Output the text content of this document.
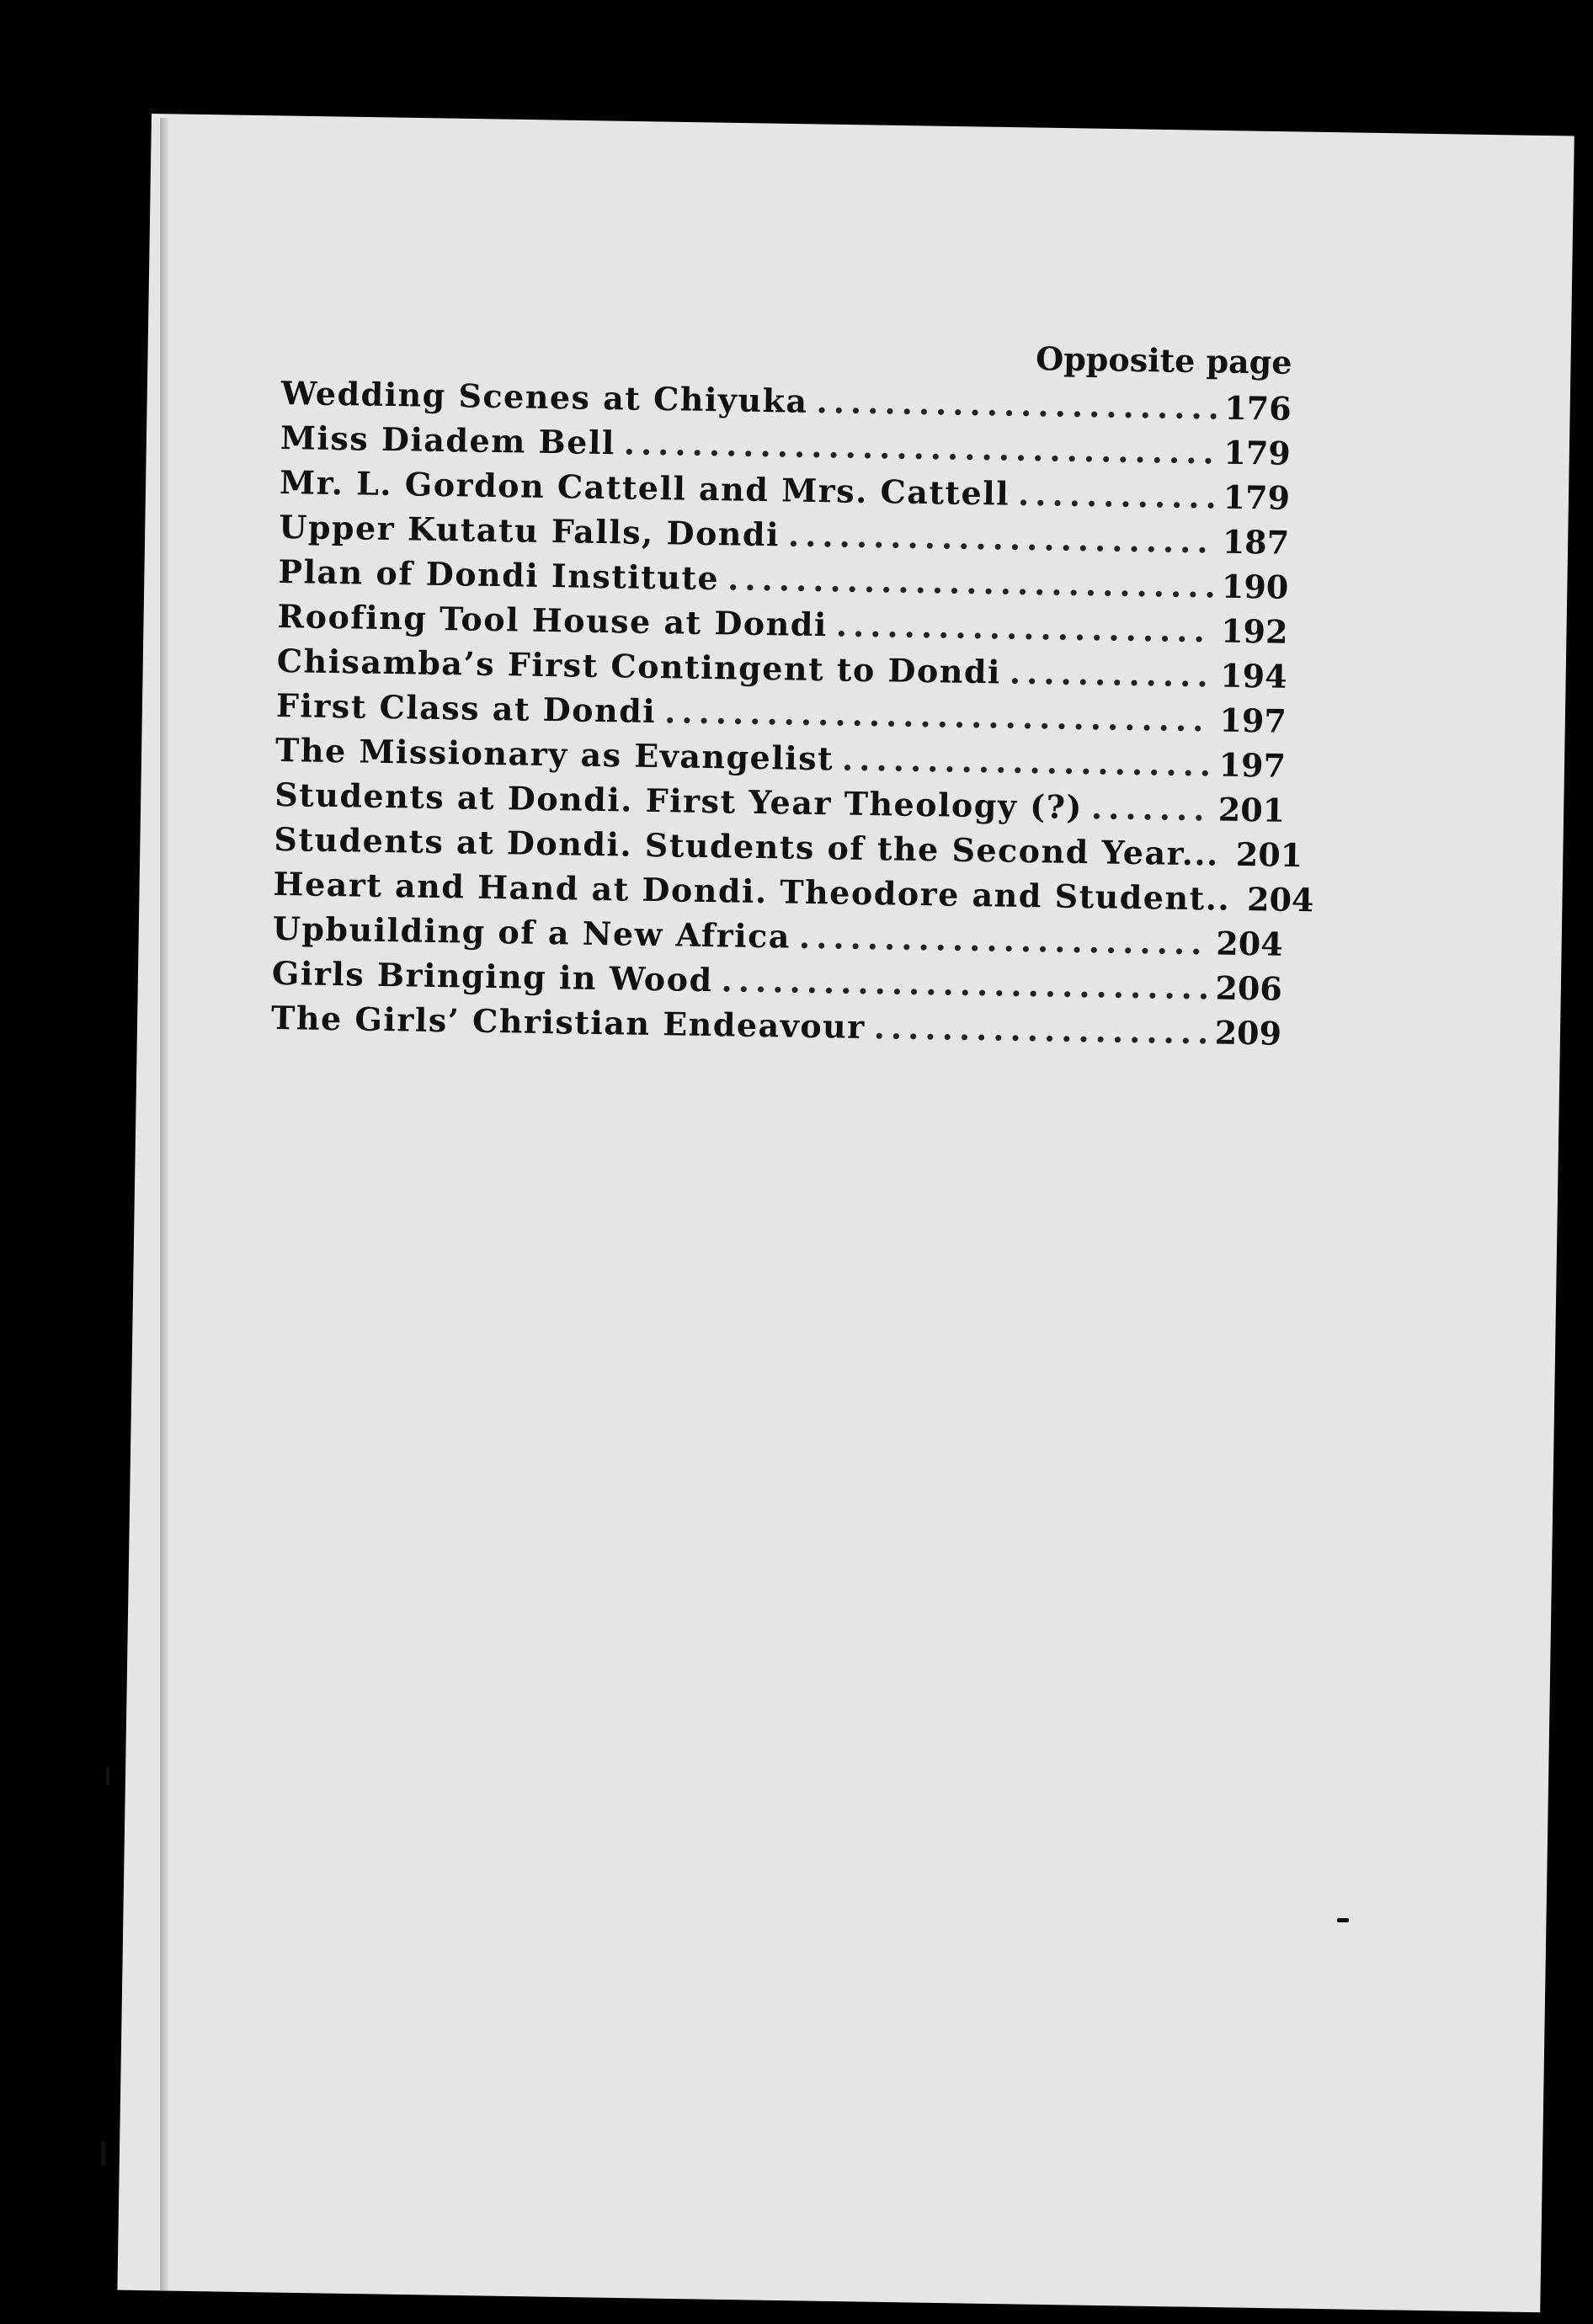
Opposite page
Wedding Scenes at Chiyuka .....	176
Miss Diadem Bell .....	179
Mr. L. Gordon Cattell and Mrs. Cattell .....	179
Upper Kutatu Falls, Dondi .....	187
Plan of Dondi Institute .....	190
Roofing Tool House at Dondi .....	192
Chisamba’s First Contingent to Dondi .....	194
First Class at Dondi .....	197
The Missionary as Evangelist .....	197
Students at Dondi. First Year Theology (?) .....	201
Students at Dondi. Students of the Second Year... ..... 201
Heart and Hand at Dondi. Theodore and Student.. ..... 204
Upbuilding of a New Africa .....	204
Girls Bringing in Wood .....	206
The Girls’ Christian Endeavour .....	209
